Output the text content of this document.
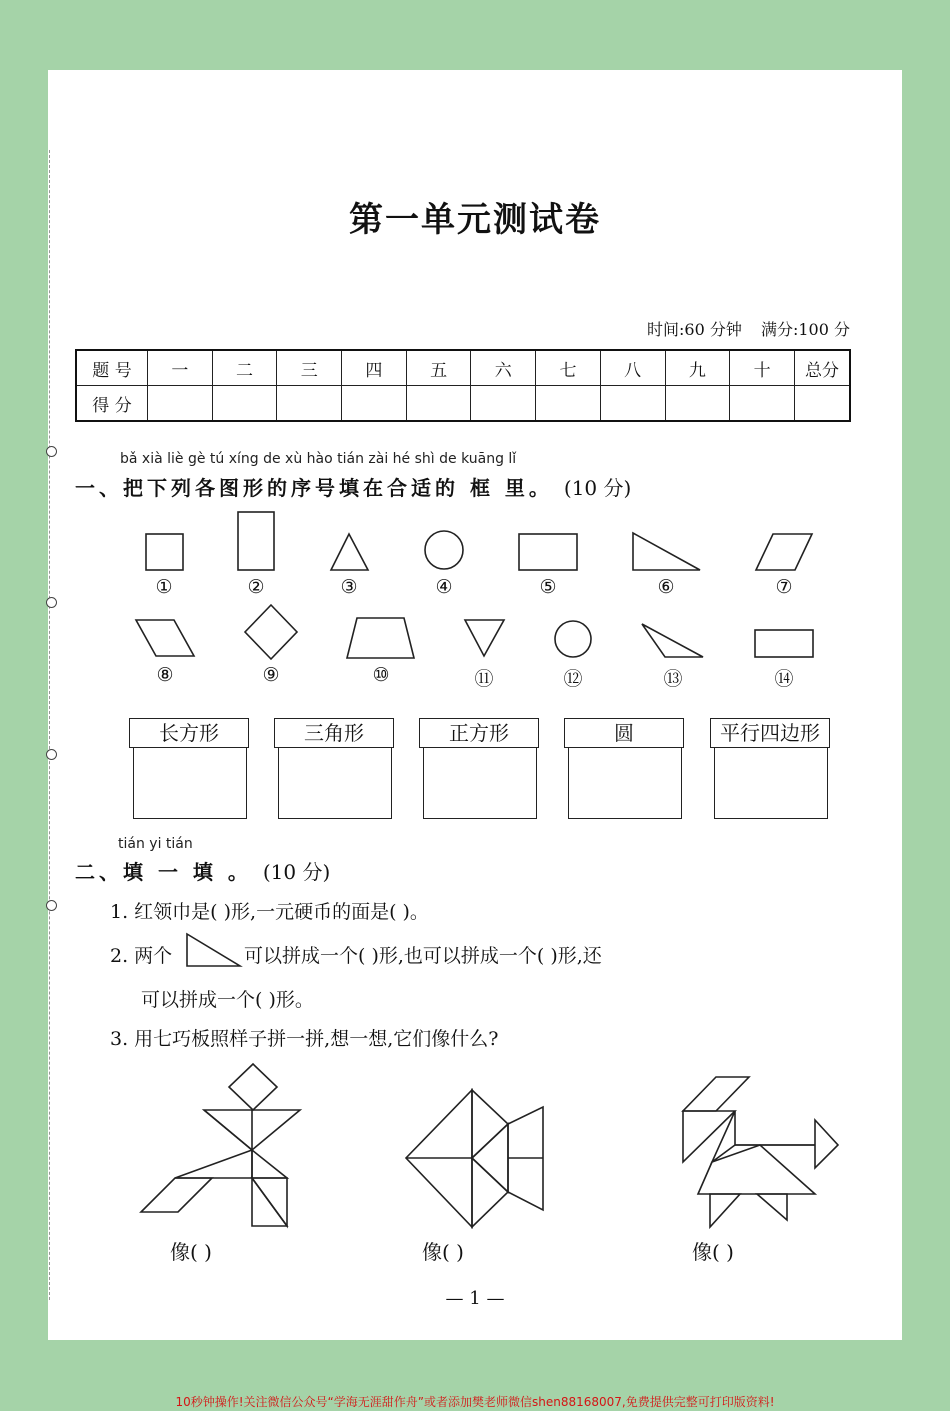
第一单元测试卷
时间:60 分钟 满分:100 分
题 号	一	二	三	四	五	六	七	八	九	十	总分
得 分											
bǎ xià liè gè tú xíng de xù hào tián zài hé shì de kuāng lǐ
一、把下列各图形的序号填在合适的 框 里。 (10 分)
①	②	③	④	⑤	⑥	⑦
⑧	⑨	⑩	⑪	⑫	⑬	⑭
长方形	三角形	正方形	圆	平行四边形
tián yi tián
二、填 一 填 。 (10 分)
1. 红领巾是( )形,一元硬币的面是( )。
2. 两个	可以拼成一个( )形,也可以拼成一个( )形,还
可以拼成一个( )形。
3. 用七巧板照样子拼一拼,想一想,它们像什么?
像( )	像( )	像( )
— 1 —
10秒钟操作!关注微信公众号“学海无涯甜作舟”或者添加樊老师微信shen88168007,免费提供完整可打印版资料!
